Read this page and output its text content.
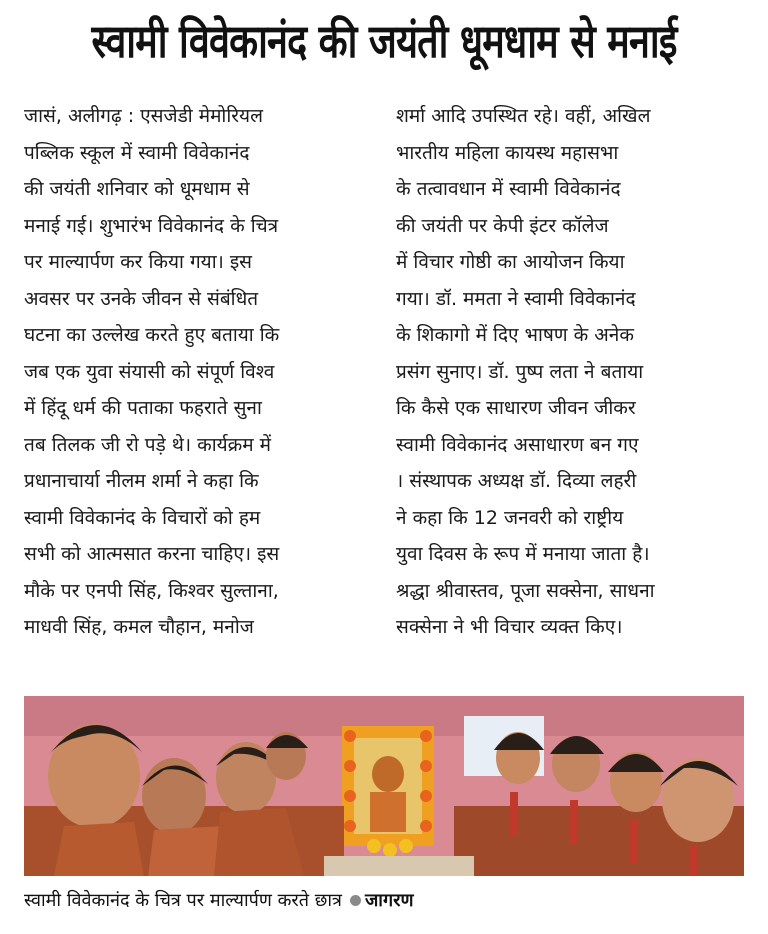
स्वामी विवेकानंद की जयंती धूमधाम से मनाई
जासं, अलीगढ़ : एसजेडी मेमोरियल
पब्लिक स्कूल में स्वामी विवेकानंद
की जयंती शनिवार को धूमधाम से
मनाई गई। शुभारंभ विवेकानंद के चित्र
पर माल्यार्पण कर किया गया। इस
अवसर पर उनके जीवन से संबंधित
घटना का उल्लेख करते हुए बताया कि
जब एक युवा संयासी को संपूर्ण विश्व
में हिंदू धर्म की पताका फहराते सुना
तब तिलक जी रो पड़े थे। कार्यक्रम में
प्रधानाचार्या नीलम शर्मा ने कहा कि
स्वामी विवेकानंद के विचारों को हम
सभी को आत्मसात करना चाहिए। इस
मौके पर एनपी सिंह, किश्वर सुल्ताना,
माधवी सिंह, कमल चौहान, मनोज
शर्मा आदि उपस्थित रहे। वहीं, अखिल
भारतीय महिला कायस्थ महासभा
के तत्वावधान में स्वामी विवेकानंद
की जयंती पर केपी इंटर कॉलेज
में विचार गोष्ठी का आयोजन किया
गया। डॉ. ममता ने स्वामी विवेकानंद
के शिकागो में दिए भाषण के अनेक
प्रसंग सुनाए। डॉ. पुष्प लता ने बताया
कि कैसे एक साधारण जीवन जीकर
स्वामी विवेकानंद असाधारण बन गए
। संस्थापक अध्यक्ष डॉ. दिव्या लहरी
ने कहा कि 12 जनवरी को राष्ट्रीय
युवा दिवस के रूप में मनाया जाता है।
श्रद्धा श्रीवास्तव, पूजा सक्सेना, साधना
सक्सेना ने भी विचार व्यक्त किए।
स्वामी विवेकानंद के चित्र पर माल्यार्पण करते छात्र जागरण
